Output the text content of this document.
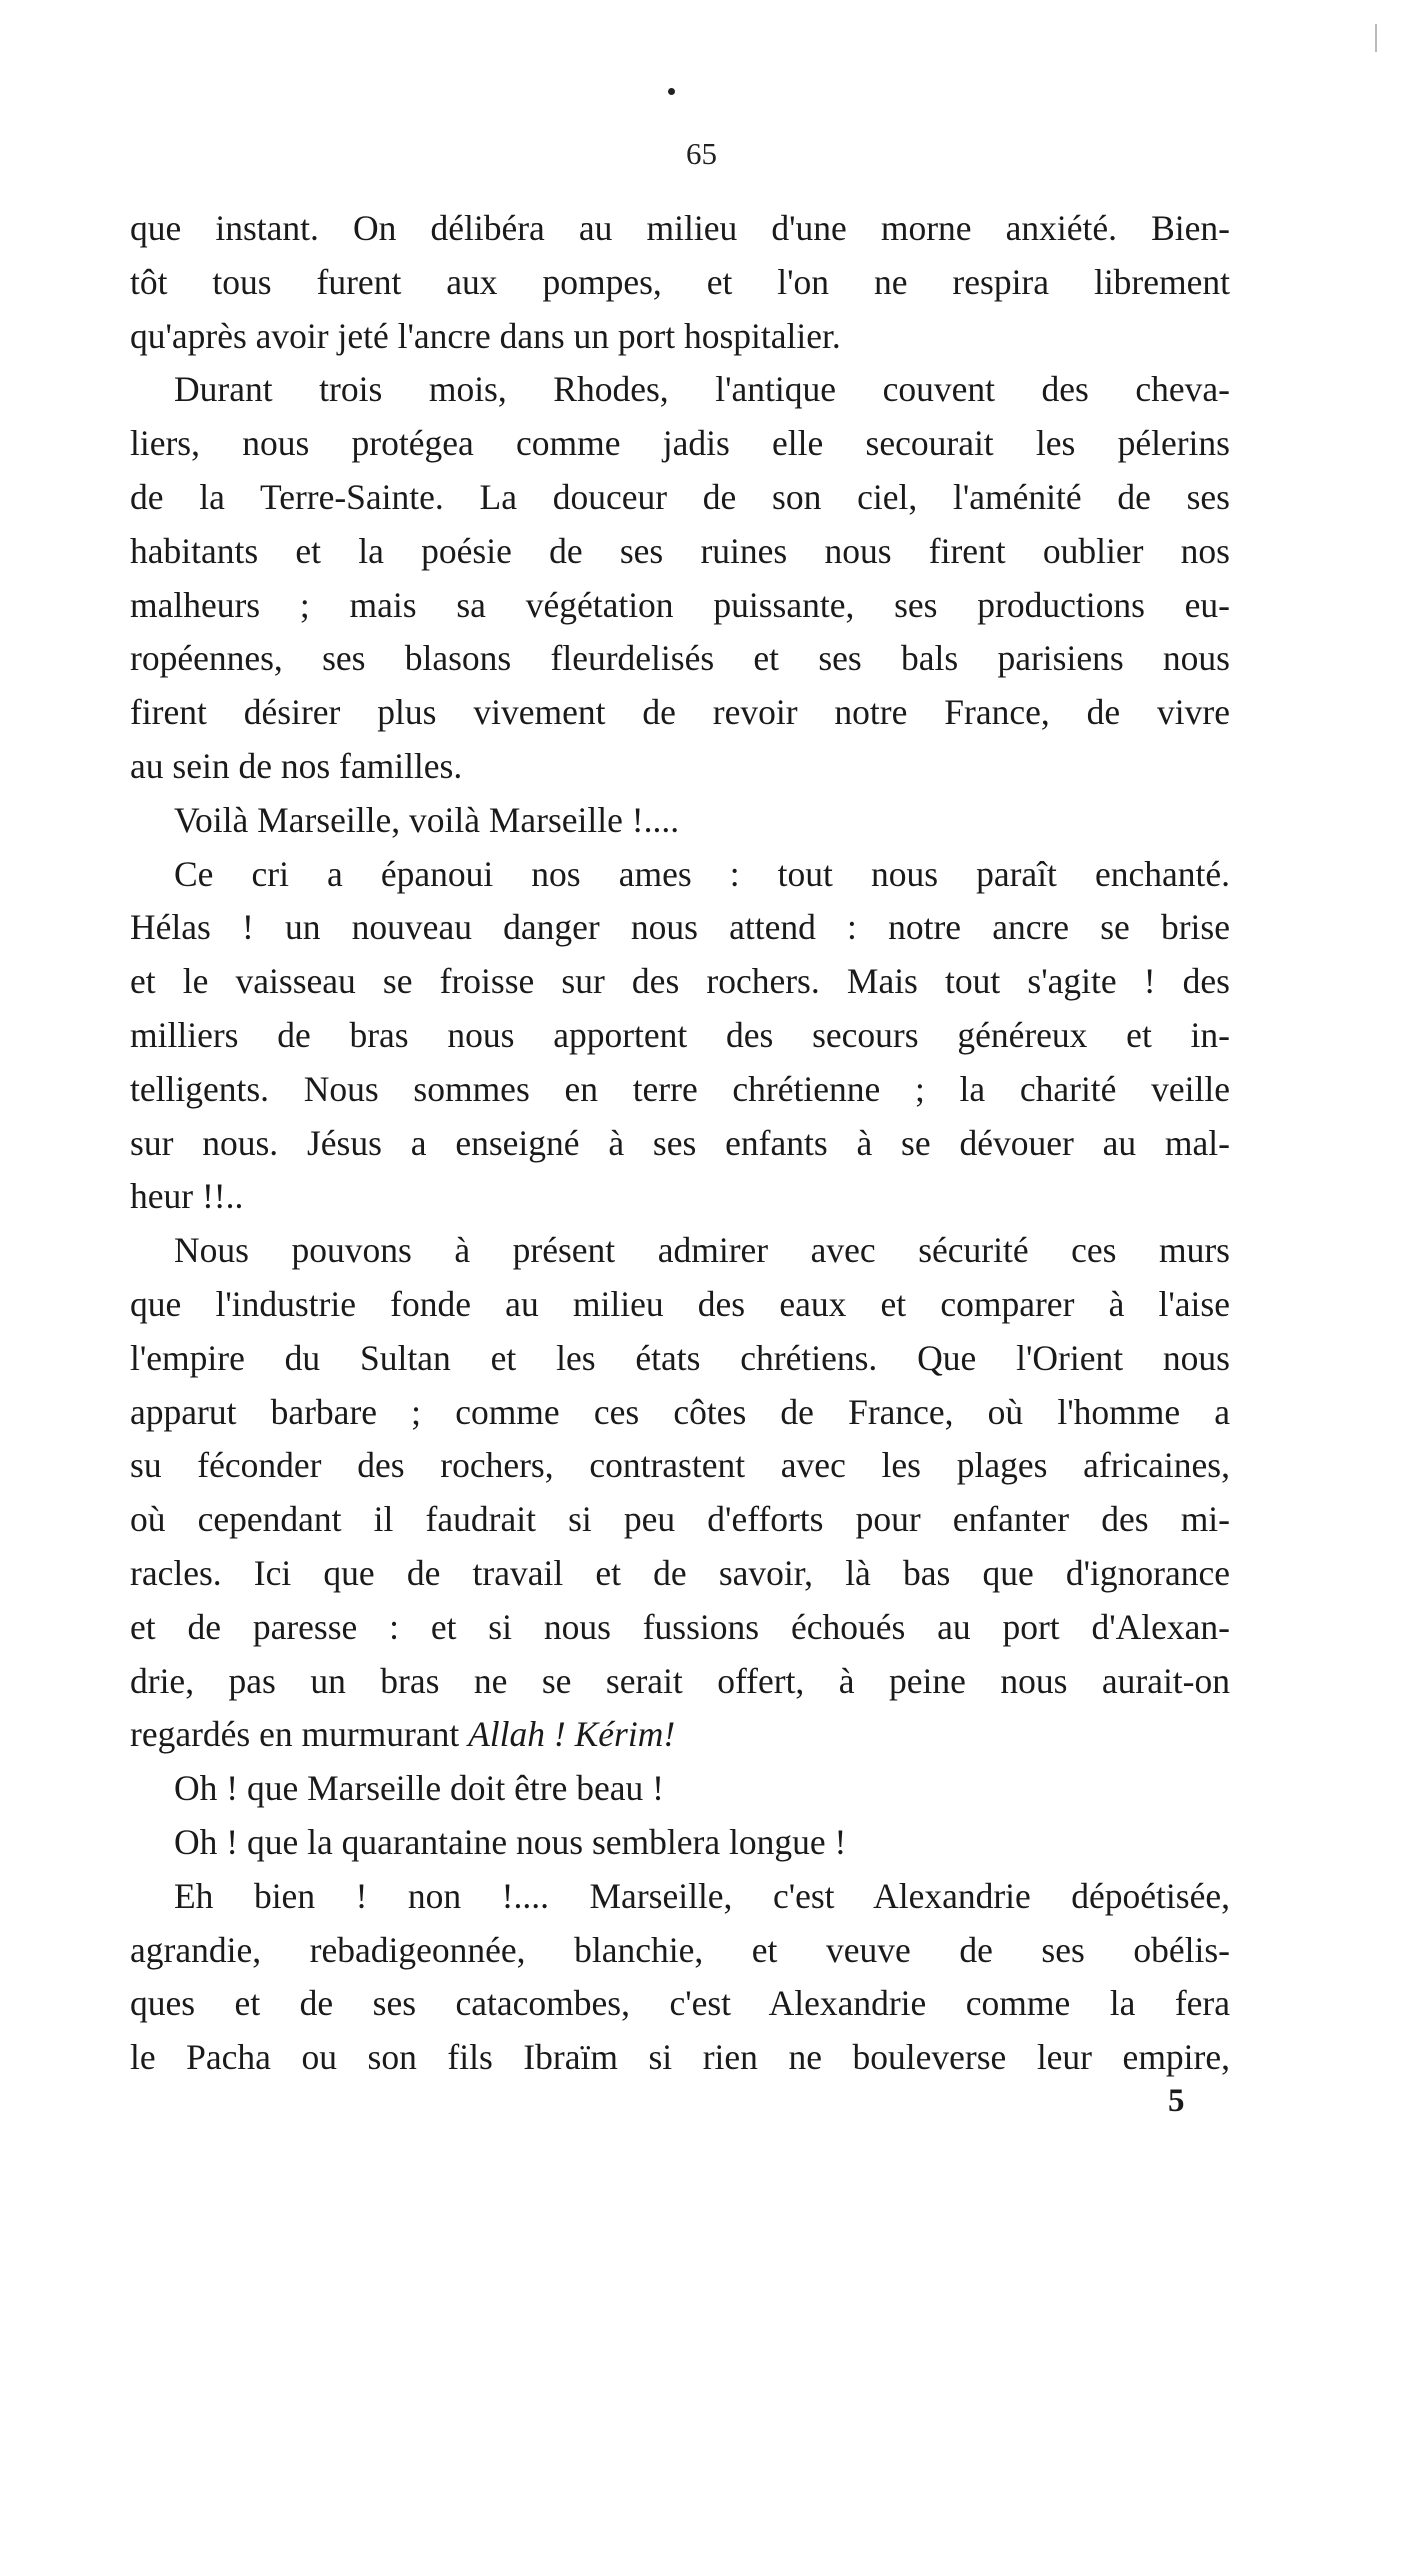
65
que instant. On délibéra au milieu d'une morne anxiété. Bien-
tôt tous furent aux pompes, et l'on ne respira librement
qu'après avoir jeté l'ancre dans un port hospitalier.
Durant trois mois, Rhodes, l'antique couvent des cheva-
liers, nous protégea comme jadis elle secourait les pélerins
de la Terre-Sainte. La douceur de son ciel, l'aménité de ses
habitants et la poésie de ses ruines nous firent oublier nos
malheurs ; mais sa végétation puissante, ses productions eu-
ropéennes, ses blasons fleurdelisés et ses bals parisiens nous
firent désirer plus vivement de revoir notre France, de vivre
au sein de nos familles.
Voilà Marseille, voilà Marseille !....
Ce cri a épanoui nos ames : tout nous paraît enchanté.
Hélas ! un nouveau danger nous attend : notre ancre se brise
et le vaisseau se froisse sur des rochers. Mais tout s'agite ! des
milliers de bras nous apportent des secours généreux et in-
telligents. Nous sommes en terre chrétienne ; la charité veille
sur nous. Jésus a enseigné à ses enfants à se dévouer au mal-
heur !!..
Nous pouvons à présent admirer avec sécurité ces murs
que l'industrie fonde au milieu des eaux et comparer à l'aise
l'empire du Sultan et les états chrétiens. Que l'Orient nous
apparut barbare ; comme ces côtes de France, où l'homme a
su féconder des rochers, contrastent avec les plages africaines,
où cependant il faudrait si peu d'efforts pour enfanter des mi-
racles. Ici que de travail et de savoir, là bas que d'ignorance
et de paresse : et si nous fussions échoués au port d'Alexan-
drie, pas un bras ne se serait offert, à peine nous aurait-on
regardés en murmurant Allah ! Kérim!
Oh ! que Marseille doit être beau !
Oh ! que la quarantaine nous semblera longue !
Eh bien ! non !.... Marseille, c'est Alexandrie dépoétisée,
agrandie, rebadigeonnée, blanchie, et veuve de ses obélis-
ques et de ses catacombes, c'est Alexandrie comme la fera
le Pacha ou son fils Ibraïm si rien ne bouleverse leur empire,
5
